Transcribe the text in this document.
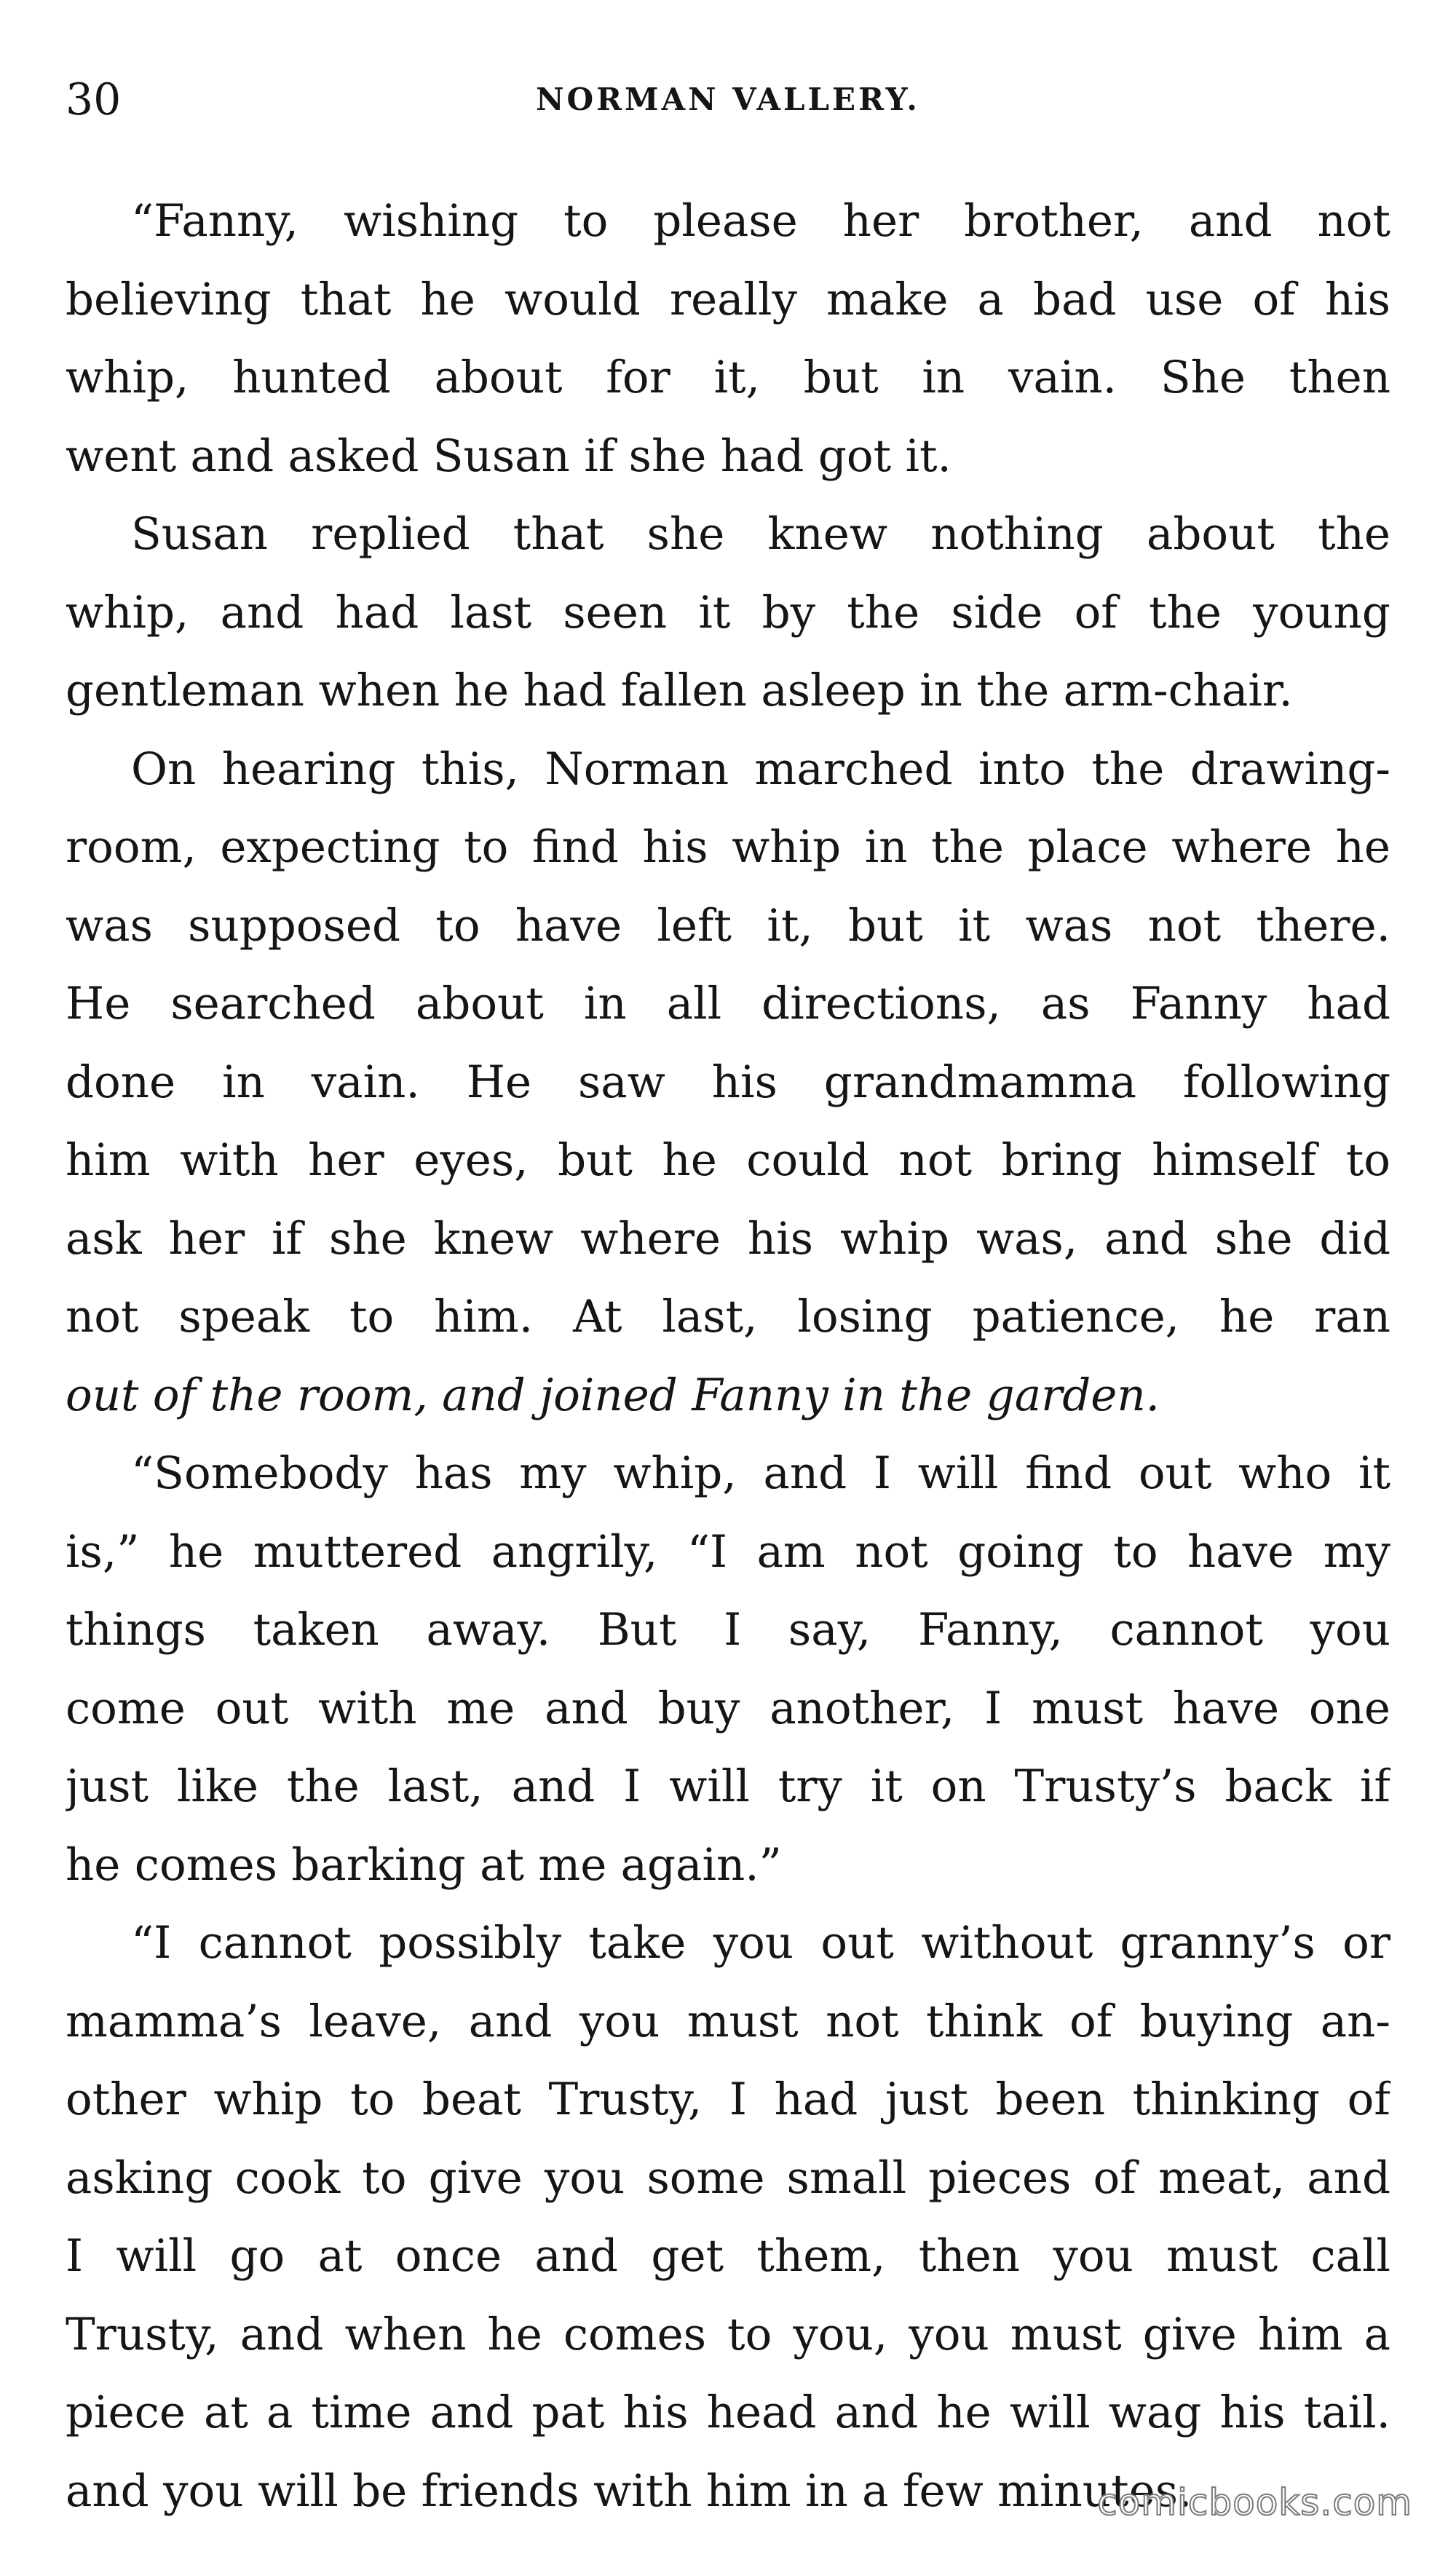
30	NORMAN VALLERY.
“Fanny, wishing to please her brother, and not
believing that he would really make a bad use of his
whip, hunted about for it, but in vain. She then
went and asked Susan if she had got it.
Susan replied that she knew nothing about the
whip, and had last seen it by the side of the young
gentleman when he had fallen asleep in the arm-chair.
On hearing this, Norman marched into the drawing-
room, expecting to find his whip in the place where he
was supposed to have left it, but it was not there.
He searched about in all directions, as Fanny had
done in vain. He saw his grandmamma following
him with her eyes, but he could not bring himself to
ask her if she knew where his whip was, and she did
not speak to him. At last, losing patience, he ran
out of the room, and joined Fanny in the garden.
“Somebody has my whip, and I will find out who it
is,” he muttered angrily, “I am not going to have my
things taken away. But I say, Fanny, cannot you
come out with me and buy another, I must have one
just like the last, and I will try it on Trusty’s back if
he comes barking at me again.”
“I cannot possibly take you out without granny’s or
mamma’s leave, and you must not think of buying an-
other whip to beat Trusty, I had just been thinking of
asking cook to give you some small pieces of meat, and
I will go at once and get them, then you must call
Trusty, and when he comes to you, you must give him a
piece at a time and pat his head and he will wag his tail.
and you will be friends with him in a few minutes.
comicbooks.com
